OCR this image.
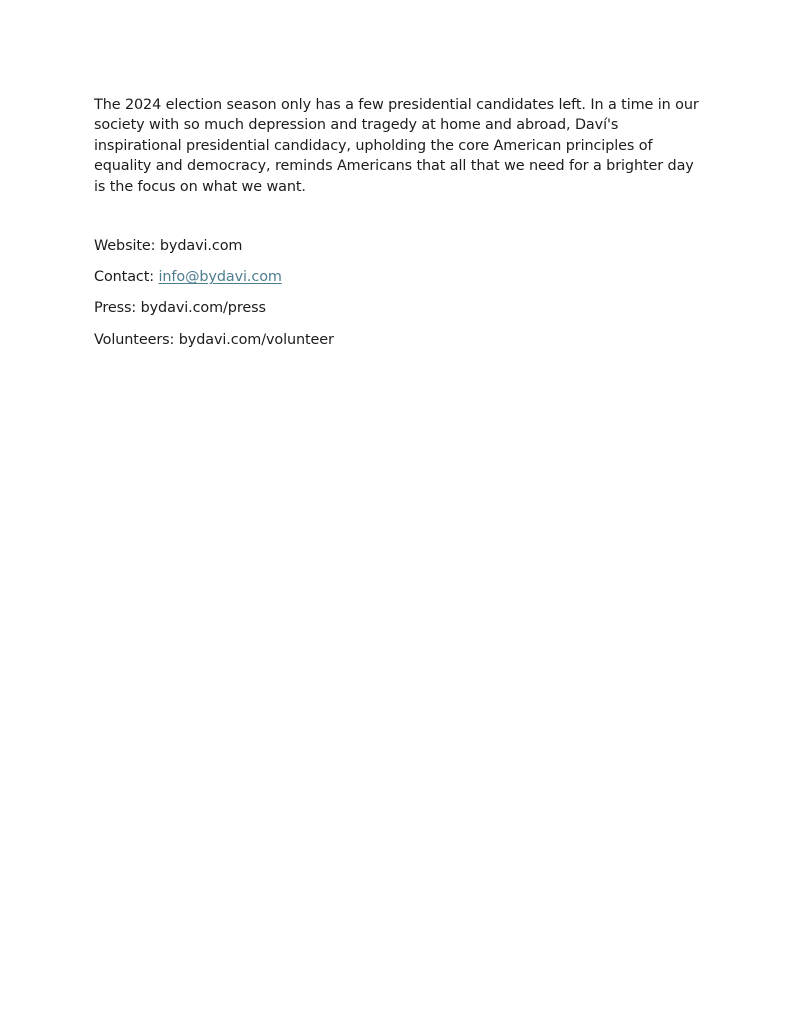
The 2024 election season only has a few presidential candidates left. In a time in our society with so much depression and tragedy at home and abroad, Daví's inspirational presidential candidacy, upholding the core American principles of equality and democracy, reminds Americans that all that we need for a brighter day is the focus on what we want.

Website: bydavi.com

Contact: info@bydavi.com

Press: bydavi.com/press

Volunteers: bydavi.com/volunteer
